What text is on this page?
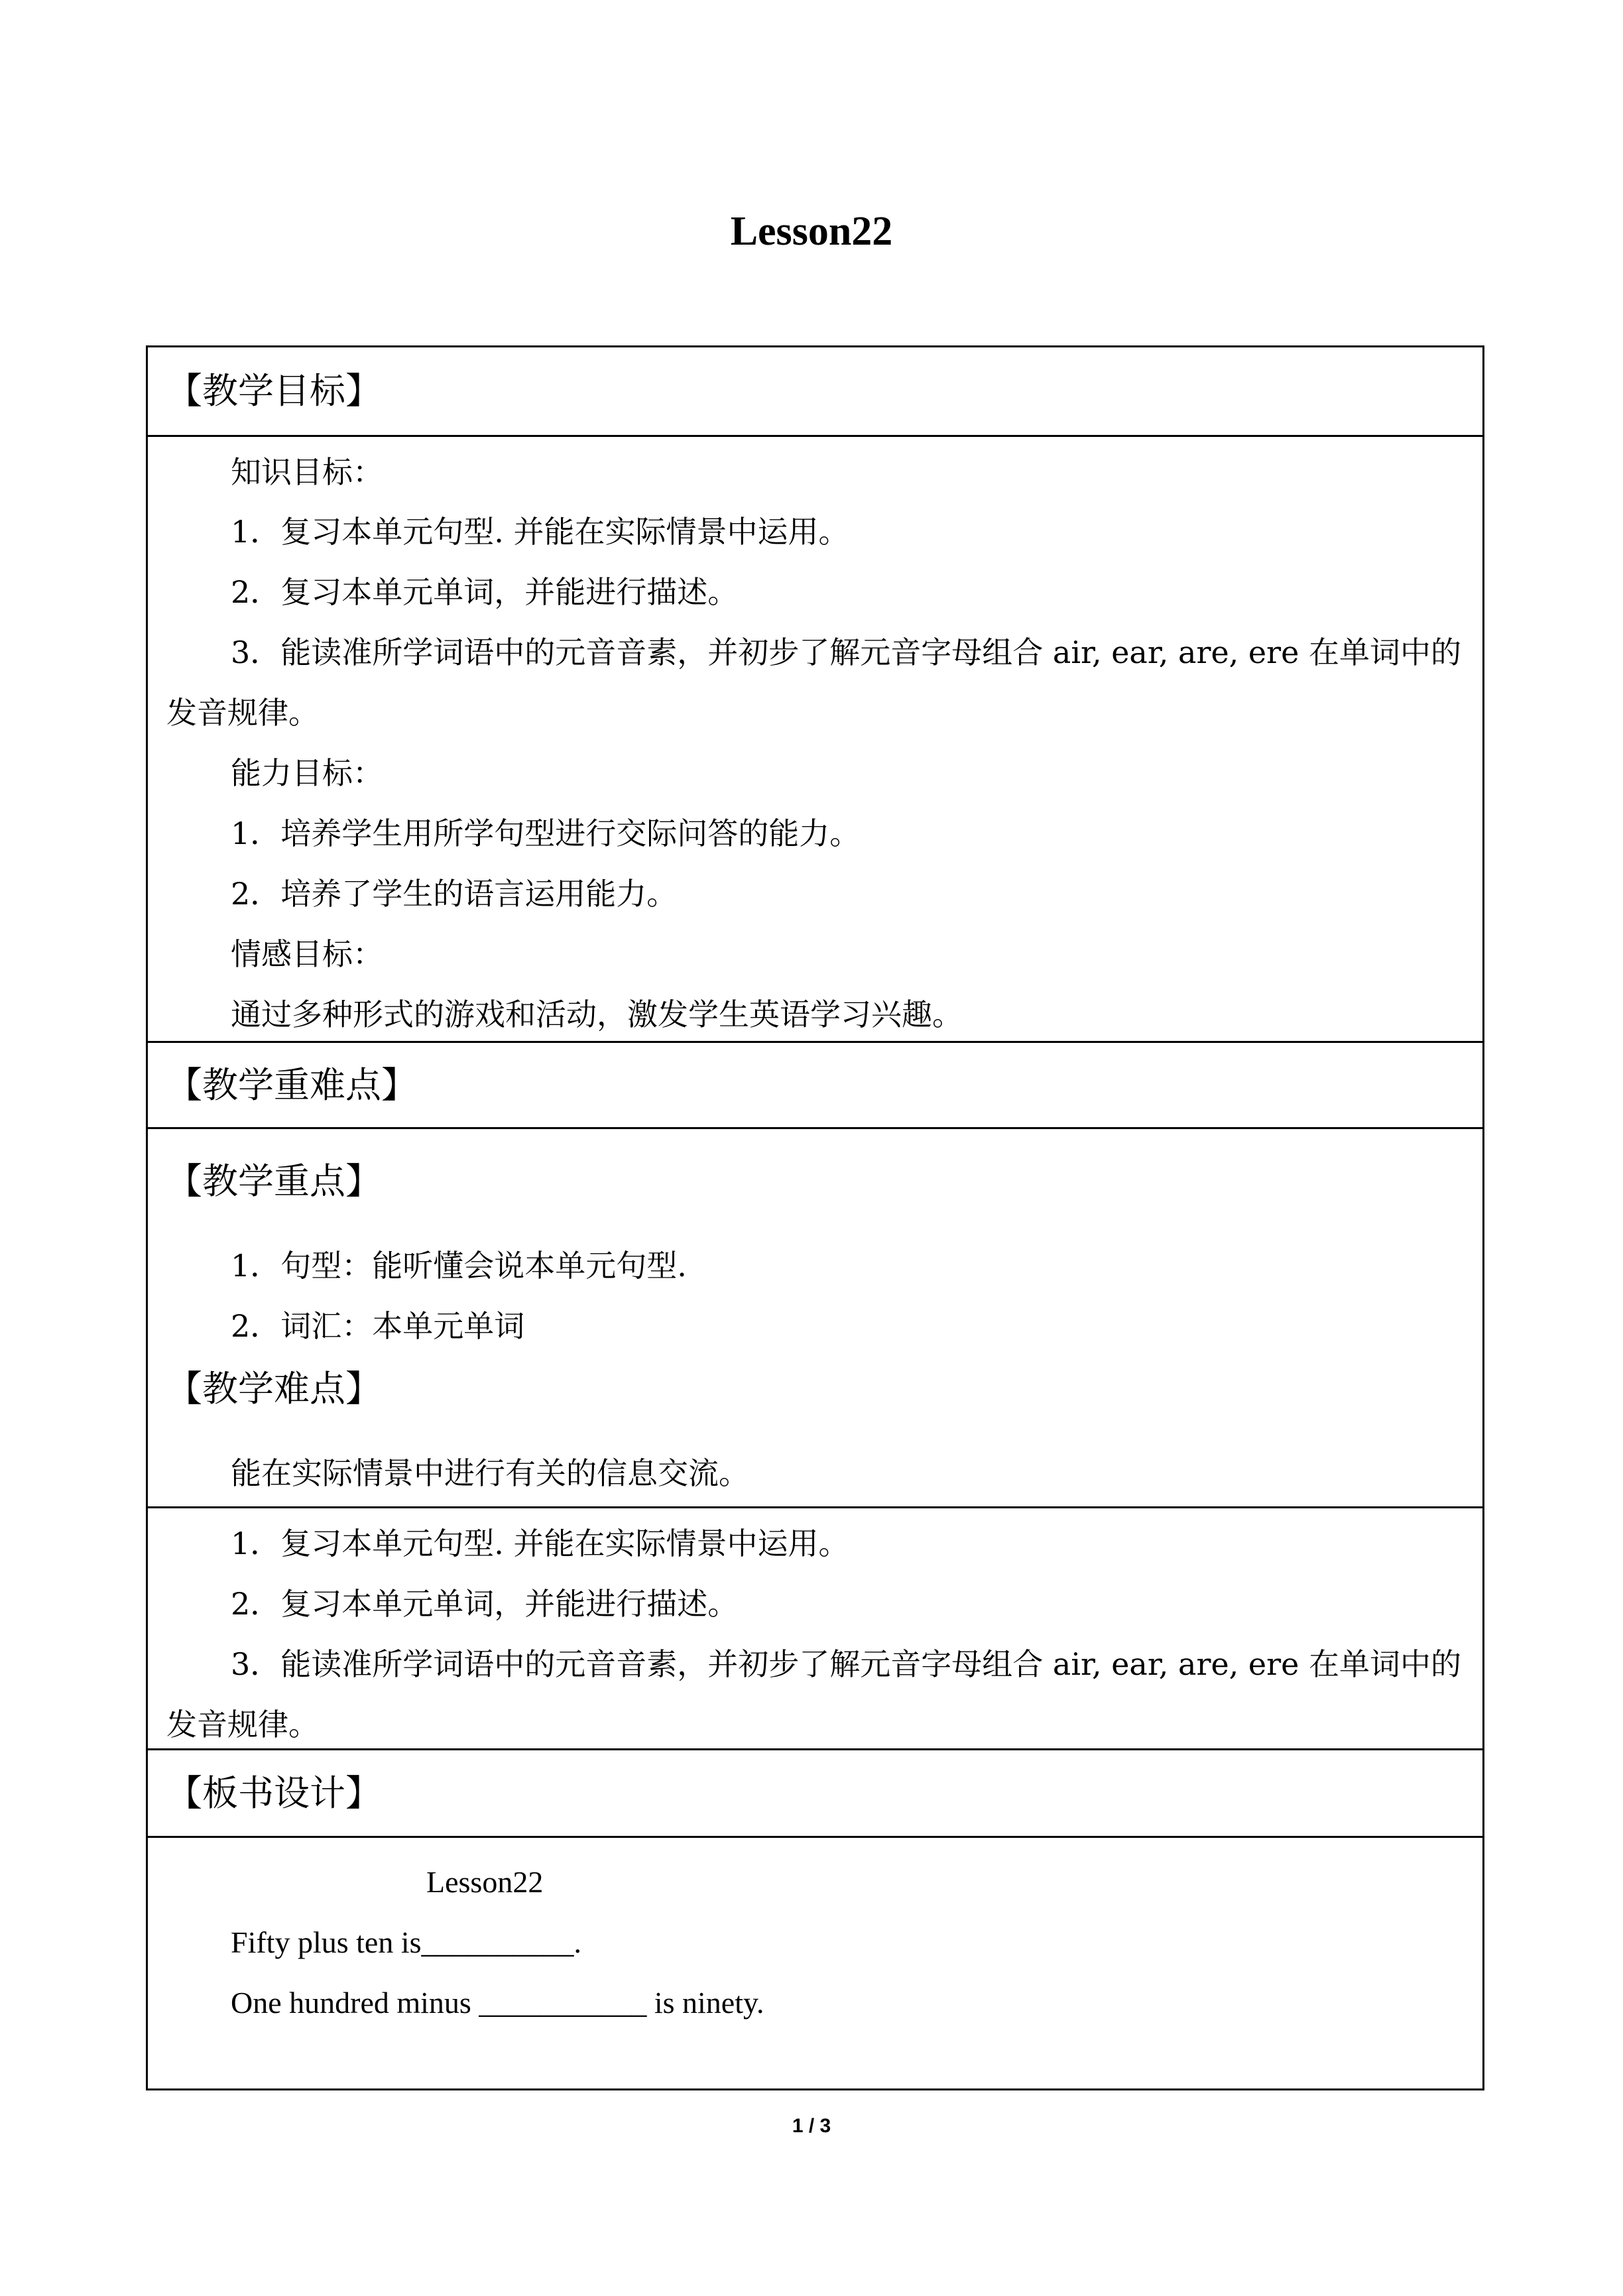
Lesson22
【教学目标】
知识目标：
1．复习本单元句型. 并能在实际情景中运用。
2．复习本单元单词，并能进行描述。
3．能读准所学词语中的元音音素，并初步了解元音字母组合 air, ear, are, ere 在单词中的
发音规律。
能力目标：
1．培养学生用所学句型进行交际问答的能力。
2．培养了学生的语言运用能力。
情感目标：
通过多种形式的游戏和活动，激发学生英语学习兴趣。
【教学重难点】
【教学重点】
1．句型：能听懂会说本单元句型.
2．词汇：本单元单词
【教学难点】
能在实际情景中进行有关的信息交流。
1．复习本单元句型. 并能在实际情景中运用。
2．复习本单元单词，并能进行描述。
3．能读准所学词语中的元音音素，并初步了解元音字母组合 air, ear, are, ere 在单词中的
发音规律。
【板书设计】
Lesson22
Fifty plus ten is__________.
One hundred minus ___________ is ninety.
1 / 3
